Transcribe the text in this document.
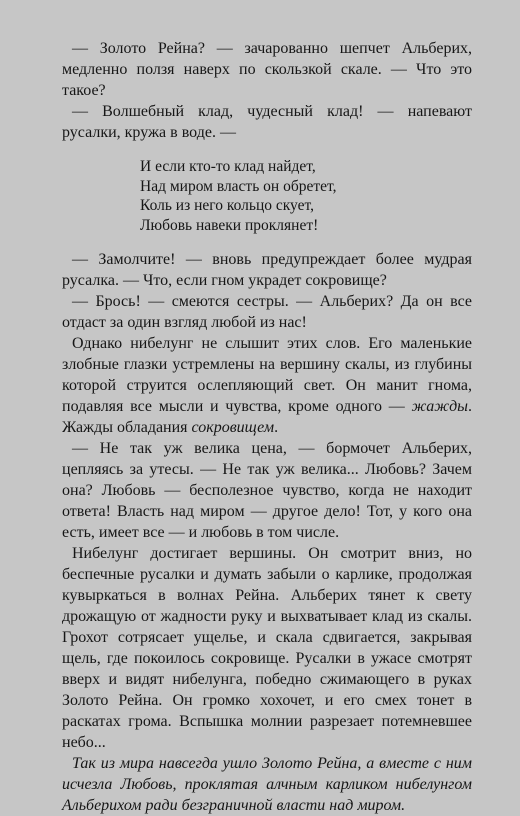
— Золото Рейна? — зачарованно шепчет Альберих, медленно ползя наверх по скользкой скале. — Что это такое?

— Волшебный клад, чудесный клад! — напевают русалки, кружа в воде. —

И если кто-то клад найдет,
Над миром власть он обретет,
Коль из него кольцо скует,
Любовь навеки проклянет!

— Замолчите! — вновь предупреждает более мудрая русалка. — Что, если гном украдет сокровище?

— Брось! — смеются сестры. — Альберих? Да он все отдаст за один взгляд любой из нас!

Однако нибелунг не слышит этих слов. Его маленькие злобные глазки устремлены на вершину скалы, из глубины которой струится ослепляющий свет. Он манит гнома, подавляя все мысли и чувства, кроме одного — жажды. Жажды обладания сокровищем.

— Не так уж велика цена, — бормочет Альберих, цепляясь за утесы. — Не так уж велика... Любовь? Зачем она? Любовь — бесполезное чувство, когда не находит ответа! Власть над миром — другое дело! Тот, у кого она есть, имеет все — и любовь в том числе.

Нибелунг достигает вершины. Он смотрит вниз, но беспечные русалки и думать забыли о карлике, продолжая кувыркаться в волнах Рейна. Альберих тянет к свету дрожащую от жадности руку и выхватывает клад из скалы. Грохот сотрясает ущелье, и скала сдвигается, закрывая щель, где покоилось сокровище. Русалки в ужасе смотрят вверх и видят нибелунга, победно сжимающего в руках Золото Рейна. Он громко хохочет, и его смех тонет в раскатах грома. Вспышка молнии разрезает потемневшее небо...

Так из мира навсегда ушло Золото Рейна, а вместе с ним исчезла Любовь, проклятая алчным карликом нибелунгом Альберихом ради безграничной власти над миром.
